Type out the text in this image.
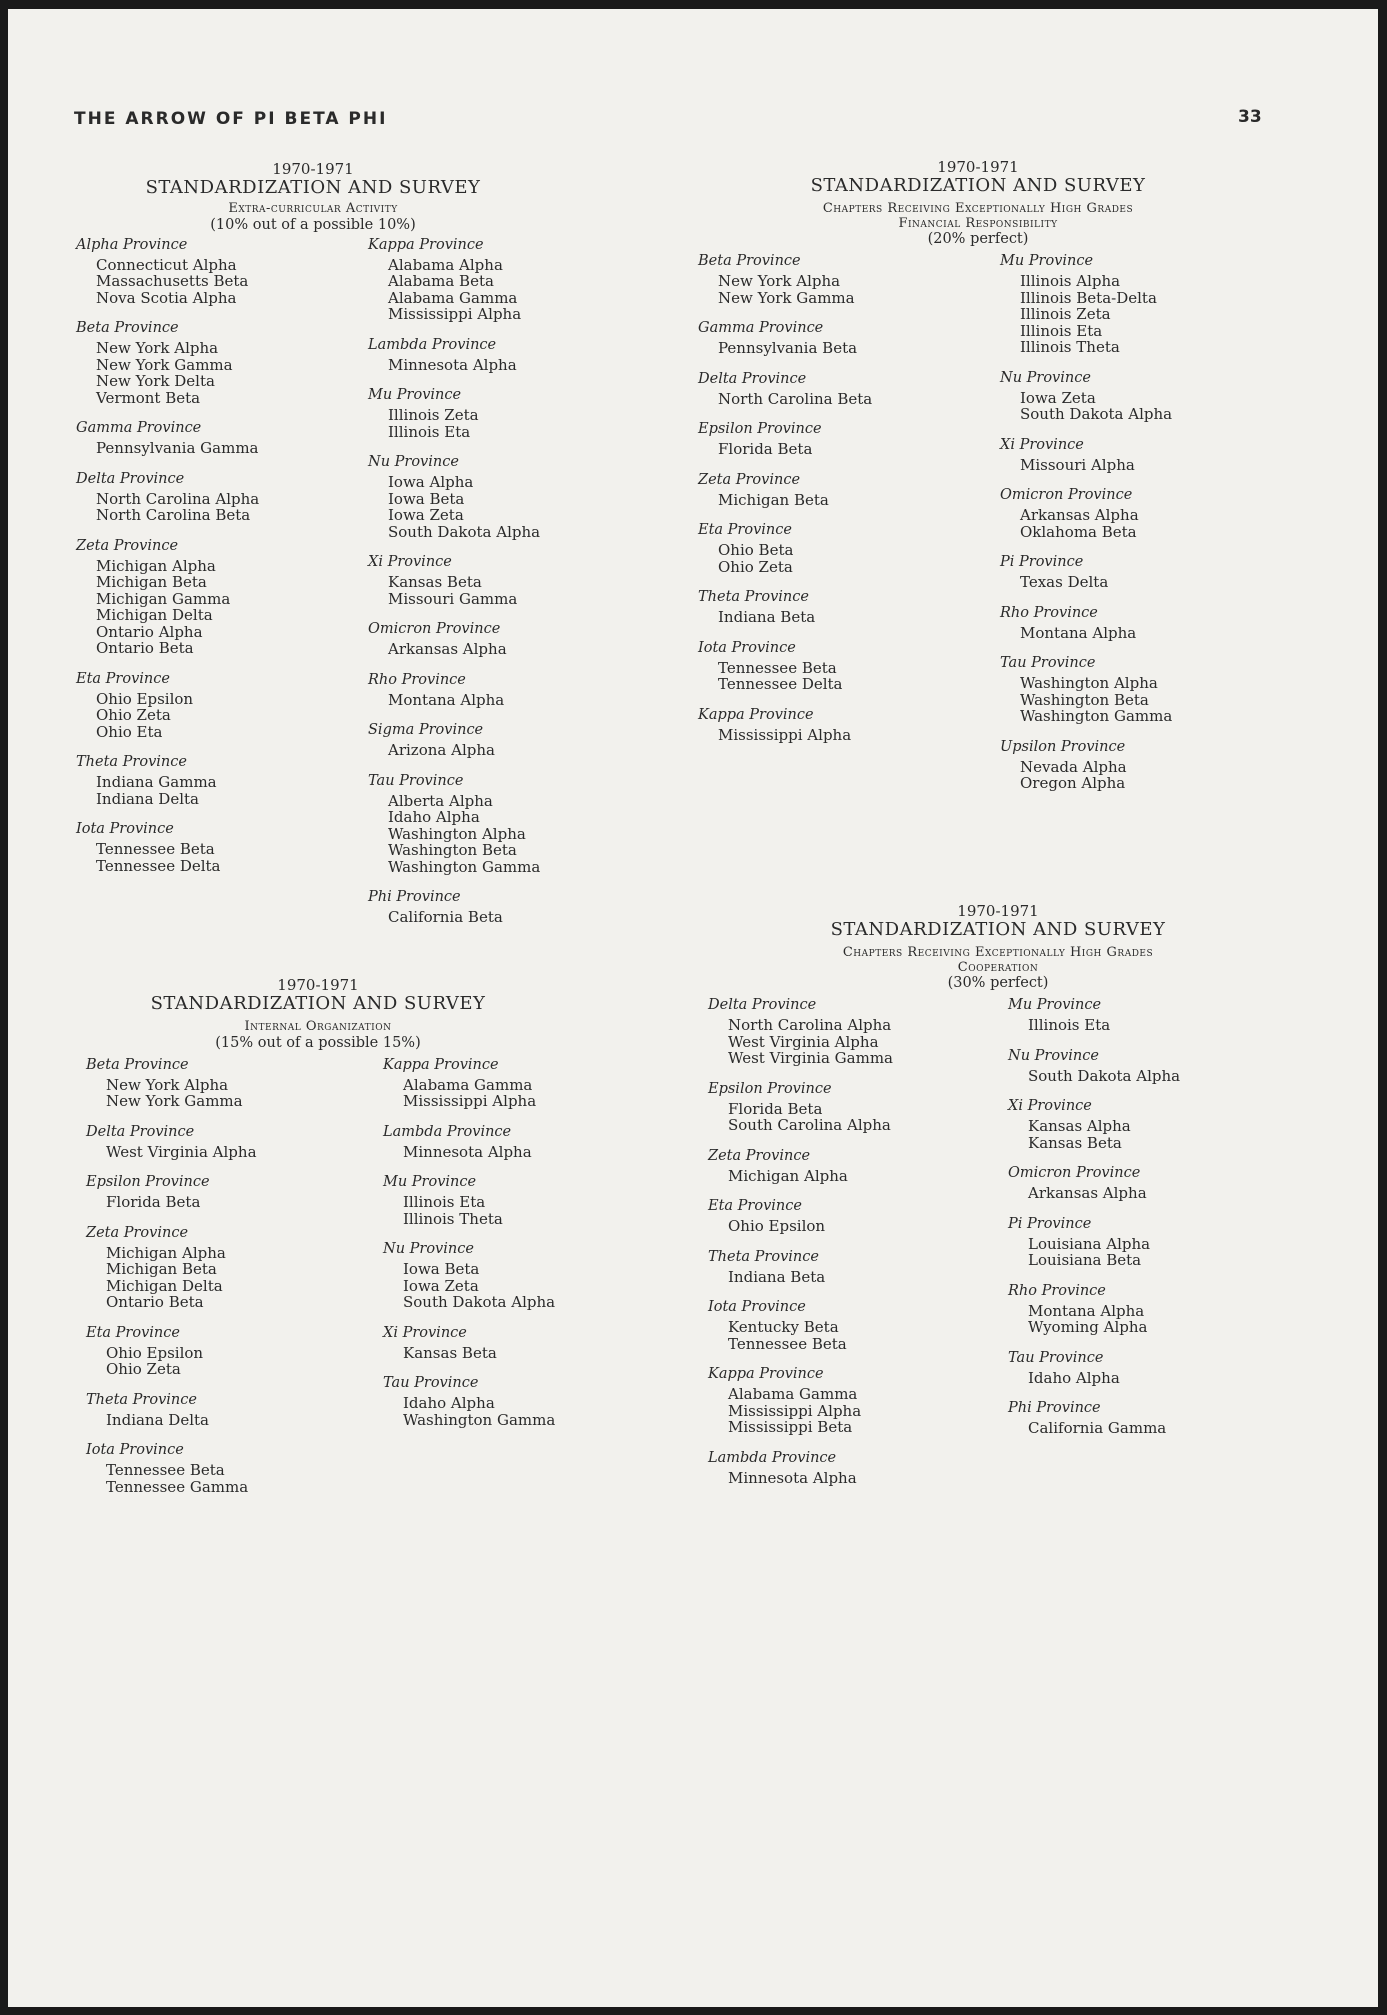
THE ARROW OF PI BETA PHI	33
1970-1971
STANDARDIZATION AND SURVEY
Extra-curricular Activity
(10% out of a possible 10%)
Alpha Province
Connecticut Alpha
Massachusetts Beta
Nova Scotia Alpha
Beta Province
New York Alpha
New York Gamma
New York Delta
Vermont Beta
Gamma Province
Pennsylvania Gamma
Delta Province
North Carolina Alpha
North Carolina Beta
Zeta Province
Michigan Alpha
Michigan Beta
Michigan Gamma
Michigan Delta
Ontario Alpha
Ontario Beta
Eta Province
Ohio Epsilon
Ohio Zeta
Ohio Eta
Theta Province
Indiana Gamma
Indiana Delta
Iota Province
Tennessee Beta
Tennessee Delta
Kappa Province
Alabama Alpha
Alabama Beta
Alabama Gamma
Mississippi Alpha
Lambda Province
Minnesota Alpha
Mu Province
Illinois Zeta
Illinois Eta
Nu Province
Iowa Alpha
Iowa Beta
Iowa Zeta
South Dakota Alpha
Xi Province
Kansas Beta
Missouri Gamma
Omicron Province
Arkansas Alpha
Rho Province
Montana Alpha
Sigma Province
Arizona Alpha
Tau Province
Alberta Alpha
Idaho Alpha
Washington Alpha
Washington Beta
Washington Gamma
Phi Province
California Beta
1970-1971
STANDARDIZATION AND SURVEY
Internal Organization
(15% out of a possible 15%)
Beta Province
New York Alpha
New York Gamma
Delta Province
West Virginia Alpha
Epsilon Province
Florida Beta
Zeta Province
Michigan Alpha
Michigan Beta
Michigan Delta
Ontario Beta
Eta Province
Ohio Epsilon
Ohio Zeta
Theta Province
Indiana Delta
Iota Province
Tennessee Beta
Tennessee Gamma
Kappa Province
Alabama Gamma
Mississippi Alpha
Lambda Province
Minnesota Alpha
Mu Province
Illinois Eta
Illinois Theta
Nu Province
Iowa Beta
Iowa Zeta
South Dakota Alpha
Xi Province
Kansas Beta
Tau Province
Idaho Alpha
Washington Gamma
1970-1971
STANDARDIZATION AND SURVEY
Chapters Receiving Exceptionally High Grades
Financial Responsibility
(20% perfect)
Beta Province
New York Alpha
New York Gamma
Gamma Province
Pennsylvania Beta
Delta Province
North Carolina Beta
Epsilon Province
Florida Beta
Zeta Province
Michigan Beta
Eta Province
Ohio Beta
Ohio Zeta
Theta Province
Indiana Beta
Iota Province
Tennessee Beta
Tennessee Delta
Kappa Province
Mississippi Alpha
Mu Province
Illinois Alpha
Illinois Beta-Delta
Illinois Zeta
Illinois Eta
Illinois Theta
Nu Province
Iowa Zeta
South Dakota Alpha
Xi Province
Missouri Alpha
Omicron Province
Arkansas Alpha
Oklahoma Beta
Pi Province
Texas Delta
Rho Province
Montana Alpha
Tau Province
Washington Alpha
Washington Beta
Washington Gamma
Upsilon Province
Nevada Alpha
Oregon Alpha
1970-1971
STANDARDIZATION AND SURVEY
Chapters Receiving Exceptionally High Grades
Cooperation
(30% perfect)
Delta Province
North Carolina Alpha
West Virginia Alpha
West Virginia Gamma
Epsilon Province
Florida Beta
South Carolina Alpha
Zeta Province
Michigan Alpha
Eta Province
Ohio Epsilon
Theta Province
Indiana Beta
Iota Province
Kentucky Beta
Tennessee Beta
Kappa Province
Alabama Gamma
Mississippi Alpha
Mississippi Beta
Lambda Province
Minnesota Alpha
Mu Province
Illinois Eta
Nu Province
South Dakota Alpha
Xi Province
Kansas Alpha
Kansas Beta
Omicron Province
Arkansas Alpha
Pi Province
Louisiana Alpha
Louisiana Beta
Rho Province
Montana Alpha
Wyoming Alpha
Tau Province
Idaho Alpha
Phi Province
California Gamma
